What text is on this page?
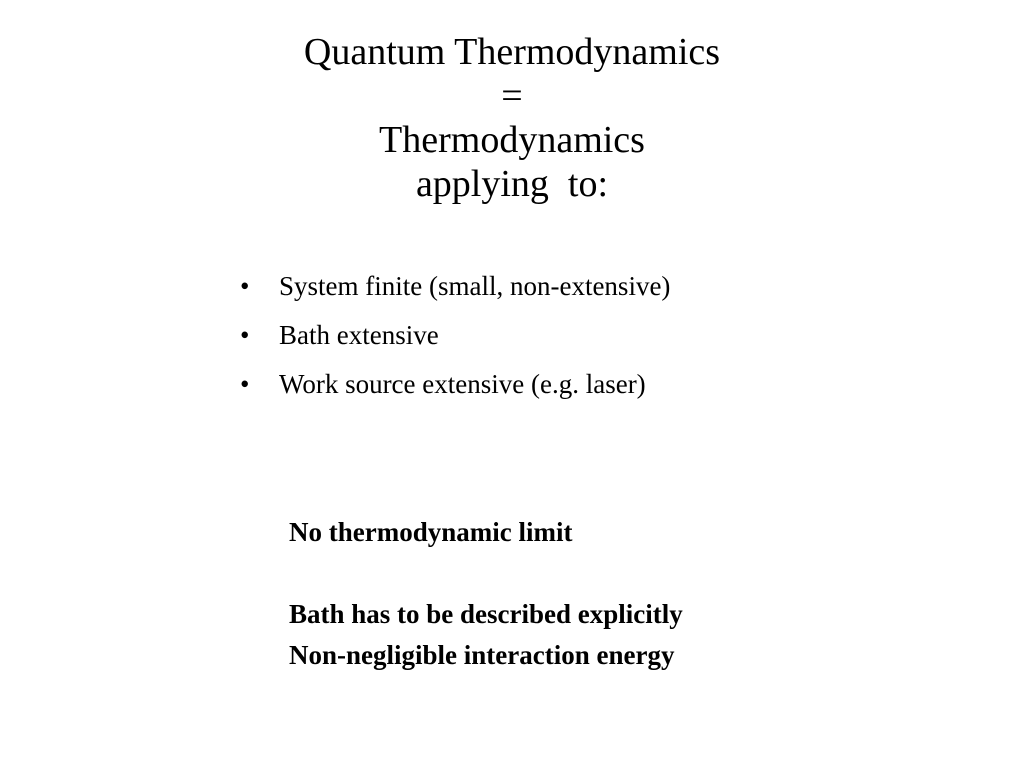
Quantum Thermodynamics
=
Thermodynamics
applying  to:
•	System finite (small, non-extensive)
•	Bath extensive
•	Work source extensive (e.g. laser)
No thermodynamic limit
Bath has to be described explicitly
Non-negligible interaction energy
